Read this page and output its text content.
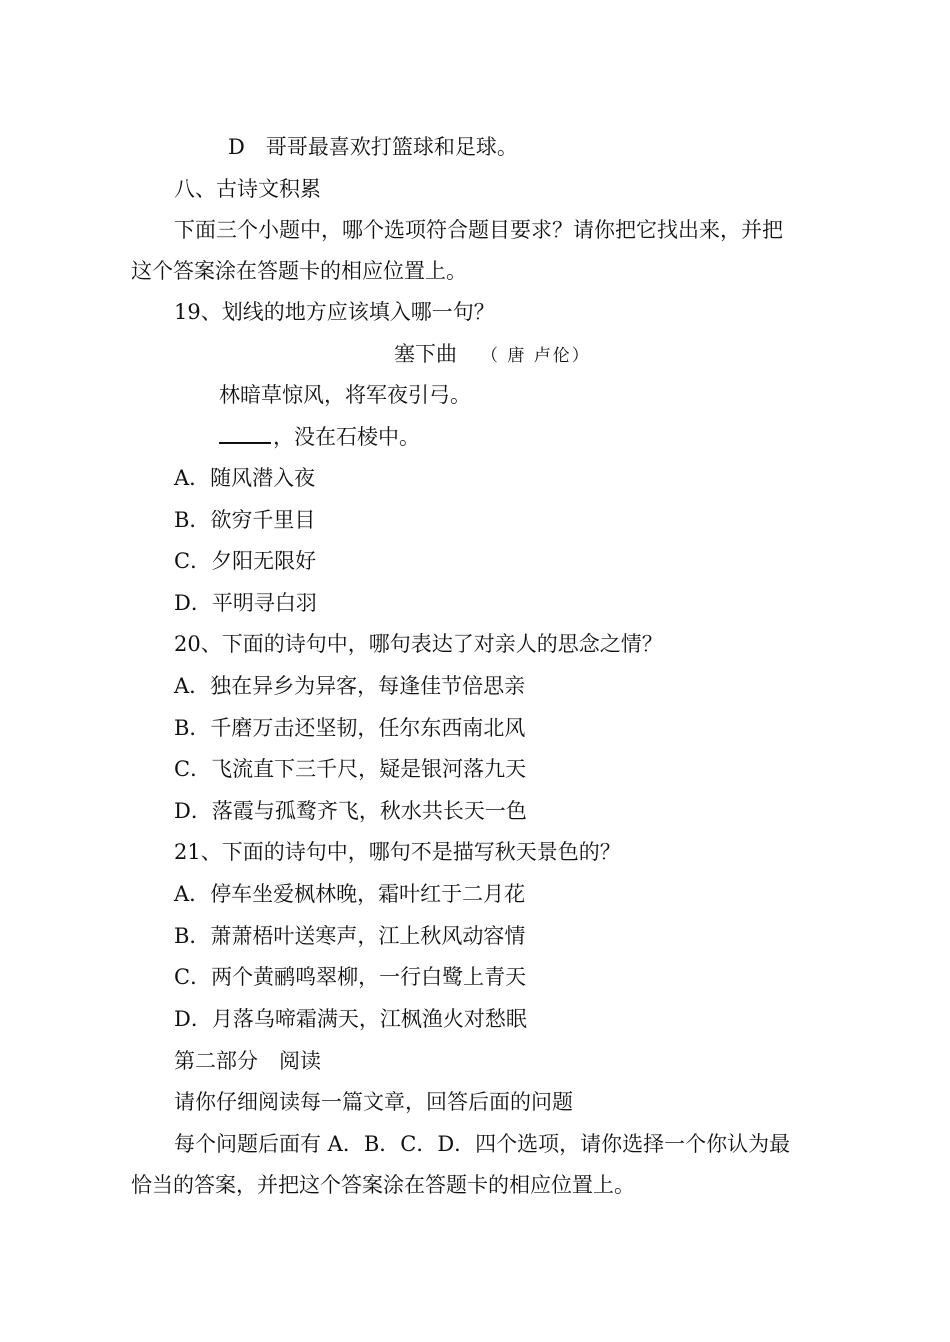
D　哥哥最喜欢打篮球和足球。
八、古诗文积累
下面三个小题中，哪个选项符合题目要求？请你把它找出来，并把
这个答案涂在答题卡的相应位置上。
19、划线的地方应该填入哪一句？
塞下曲 （ 唐 卢伦）
林暗草惊风，将军夜引弓。
，没在石棱中。
A．随风潜入夜
B．欲穷千里目
C．夕阳无限好
D．平明寻白羽
20、下面的诗句中，哪句表达了对亲人的思念之情？
A．独在异乡为异客，每逢佳节倍思亲
B．千磨万击还坚韧，任尔东西南北风
C．飞流直下三千尺，疑是银河落九天
D．落霞与孤鹜齐飞，秋水共长天一色
21、下面的诗句中，哪句不是描写秋天景色的？
A．停车坐爱枫林晚，霜叶红于二月花
B．萧萧梧叶送寒声，江上秋风动容情
C．两个黄鹂鸣翠柳，一行白鹭上青天
D．月落乌啼霜满天，江枫渔火对愁眠
第二部分　阅读
请你仔细阅读每一篇文章，回答后面的问题
每个问题后面有 A．B．C．D．四个选项，请你选择一个你认为最
恰当的答案，并把这个答案涂在答题卡的相应位置上。
